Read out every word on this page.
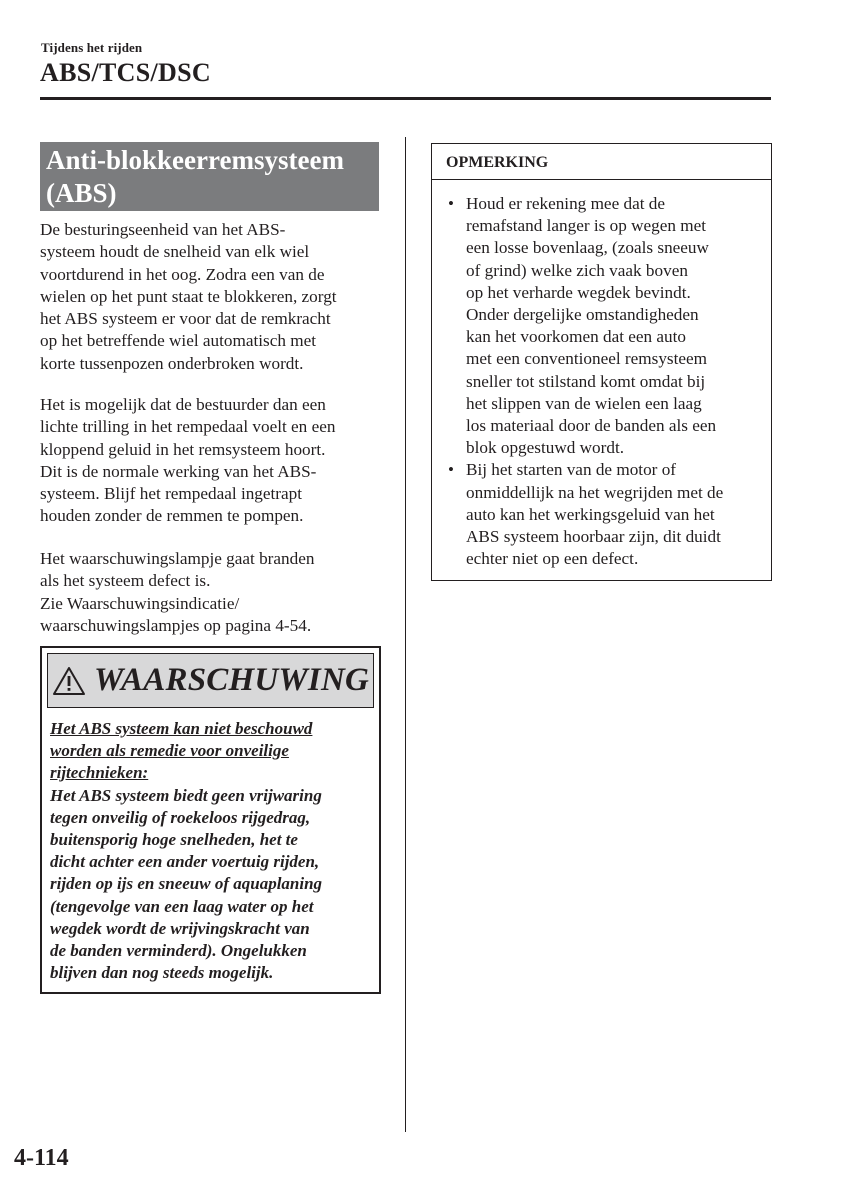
Tijdens het rijden
ABS/TCS/DSC
Anti-blokkeerremsysteem
(ABS)

De besturingseenheid van het ABS-
systeem houdt de snelheid van elk wiel
voortdurend in het oog. Zodra een van de
wielen op het punt staat te blokkeren, zorgt
het ABS systeem er voor dat de remkracht
op het betreffende wiel automatisch met
korte tussenpozen onderbroken wordt.

Het is mogelijk dat de bestuurder dan een
lichte trilling in het rempedaal voelt en een
kloppend geluid in het remsysteem hoort.
Dit is de normale werking van het ABS-
systeem. Blijf het rempedaal ingetrapt
houden zonder de remmen te pompen.

Het waarschuwingslampje gaat branden
als het systeem defect is.
Zie Waarschuwingsindicatie/
waarschuwingslampjes op pagina 4-54.

WAARSCHUWING
Het ABS systeem kan niet beschouwd
worden als remedie voor onveilige
rijtechnieken:
Het ABS systeem biedt geen vrijwaring
tegen onveilig of roekeloos rijgedrag,
buitensporig hoge snelheden, het te
dicht achter een ander voertuig rijden,
rijden op ijs en sneeuw of aquaplaning
(tengevolge van een laag water op het
wegdek wordt de wrijvingskracht van
de banden verminderd). Ongelukken
blijven dan nog steeds mogelijk.
OPMERKING
• Houd er rekening mee dat de
remafstand langer is op wegen met
een losse bovenlaag, (zoals sneeuw
of grind) welke zich vaak boven
op het verharde wegdek bevindt.
Onder dergelijke omstandigheden
kan het voorkomen dat een auto
met een conventioneel remsysteem
sneller tot stilstand komt omdat bij
het slippen van de wielen een laag
los materiaal door de banden als een
blok opgestuwd wordt.
• Bij het starten van de motor of
onmiddellijk na het wegrijden met de
auto kan het werkingsgeluid van het
ABS systeem hoorbaar zijn, dit duidt
echter niet op een defect.
4-114
